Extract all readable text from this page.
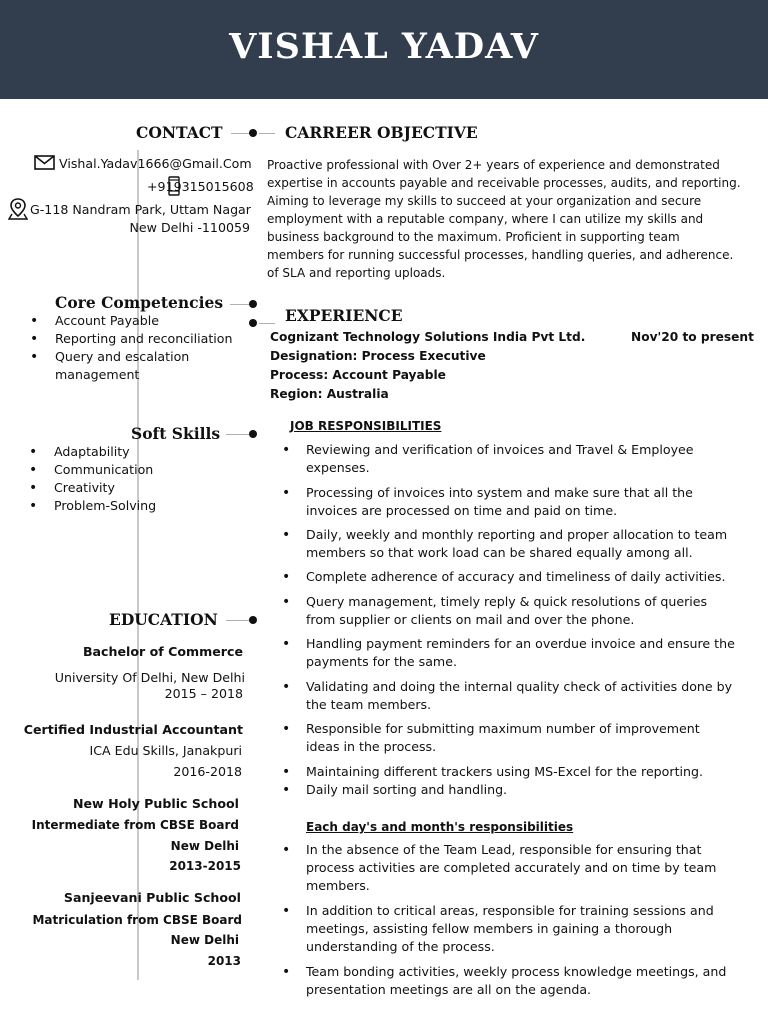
VISHAL YADAV
CONTACT	CARREER OBJECTIVE
Vishal.Yadav1666@Gmail.Com
+919315015608
G-118 Nandram Park, Uttam Nagar
New Delhi -110059
Proactive professional with Over 2+ years of experience and demonstrated
expertise in accounts payable and receivable processes, audits, and reporting.
Aiming to leverage my skills to succeed at your organization and secure
employment with a reputable company, where I can utilize my skills and
business background to the maximum. Proficient in supporting team
members for running successful processes, handling queries, and adherence.
of SLA and reporting uploads.
Core Competencies
• Account Payable
• Reporting and reconciliation
• Query and escalation
management
EXPERIENCE
Cognizant Technology Solutions India Pvt Ltd.	Nov'20 to present
Designation: Process Executive
Process: Account Payable
Region: Australia
Soft Skills
• Adaptability
• Communication
• Creativity
• Problem-Solving
JOB RESPONSIBILITIES
• Reviewing and verification of invoices and Travel & Employee
expenses.
• Processing of invoices into system and make sure that all the
invoices are processed on time and paid on time.
• Daily, weekly and monthly reporting and proper allocation to team
members so that work load can be shared equally among all.
• Complete adherence of accuracy and timeliness of daily activities.
• Query management, timely reply & quick resolutions of queries
from supplier or clients on mail and over the phone.
• Handling payment reminders for an overdue invoice and ensure the
payments for the same.
• Validating and doing the internal quality check of activities done by
the team members.
• Responsible for submitting maximum number of improvement
ideas in the process.
• Maintaining different trackers using MS-Excel for the reporting.
• Daily mail sorting and handling.
Each day's and month's responsibilities
• In the absence of the Team Lead, responsible for ensuring that
process activities are completed accurately and on time by team
members.
• In addition to critical areas, responsible for training sessions and
meetings, assisting fellow members in gaining a thorough
understanding of the process.
• Team bonding activities, weekly process knowledge meetings, and
presentation meetings are all on the agenda.
EDUCATION
Bachelor of Commerce
University Of Delhi, New Delhi
2015 – 2018
Certified Industrial Accountant
ICA Edu Skills, Janakpuri
2016-2018
New Holy Public School
Intermediate from CBSE Board
New Delhi
2013-2015
Sanjeevani Public School
Matriculation from CBSE Board
New Delhi
2013
